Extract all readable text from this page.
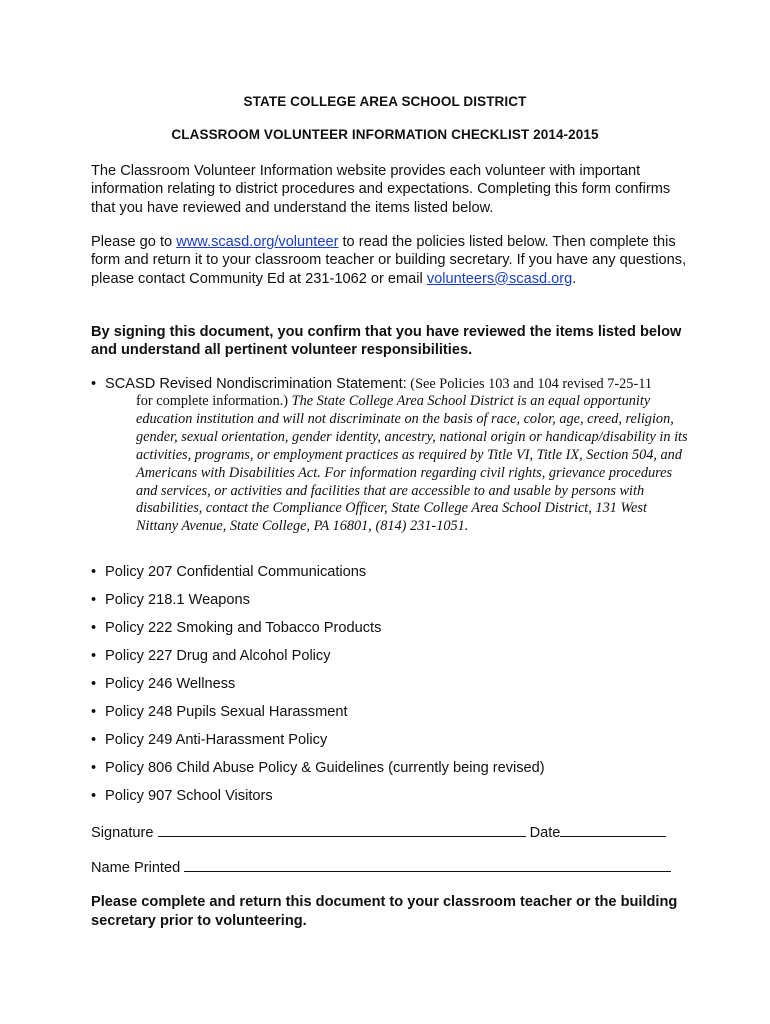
STATE COLLEGE AREA SCHOOL DISTRICT
CLASSROOM VOLUNTEER INFORMATION CHECKLIST 2014-2015

The Classroom Volunteer Information website provides each volunteer with important information relating to district procedures and expectations. Completing this form confirms that you have reviewed and understand the items listed below.

Please go to www.scasd.org/volunteer to read the policies listed below. Then complete this form and return it to your classroom teacher or building secretary. If you have any questions, please contact Community Ed at 231-1062 or email volunteers@scasd.org.

By signing this document, you confirm that you have reviewed the items listed below and understand all pertinent volunteer responsibilities.

• SCASD Revised Nondiscrimination Statement: (See Policies 103 and 104 revised 7-25-11
for complete information.) The State College Area School District is an equal opportunity education institution and will not discriminate on the basis of race, color, age, creed, religion, gender, sexual orientation, gender identity, ancestry, national origin or handicap/disability in its activities, programs, or employment practices as required by Title VI, Title IX, Section 504, and Americans with Disabilities Act. For information regarding civil rights, grievance procedures and services, or activities and facilities that are accessible to and usable by persons with disabilities, contact the Compliance Officer, State College Area School District, 131 West Nittany Avenue, State College, PA 16801, (814) 231-1051.
• Policy 207 Confidential Communications
• Policy 218.1 Weapons
• Policy 222 Smoking and Tobacco Products
• Policy 227 Drug and Alcohol Policy
• Policy 246 Wellness
• Policy 248 Pupils Sexual Harassment
• Policy 249 Anti-Harassment Policy
• Policy 806 Child Abuse Policy & Guidelines (currently being revised)
• Policy 907 School Visitors
Signature	Date
Name Printed

Please complete and return this document to your classroom teacher or the building secretary prior to volunteering.
